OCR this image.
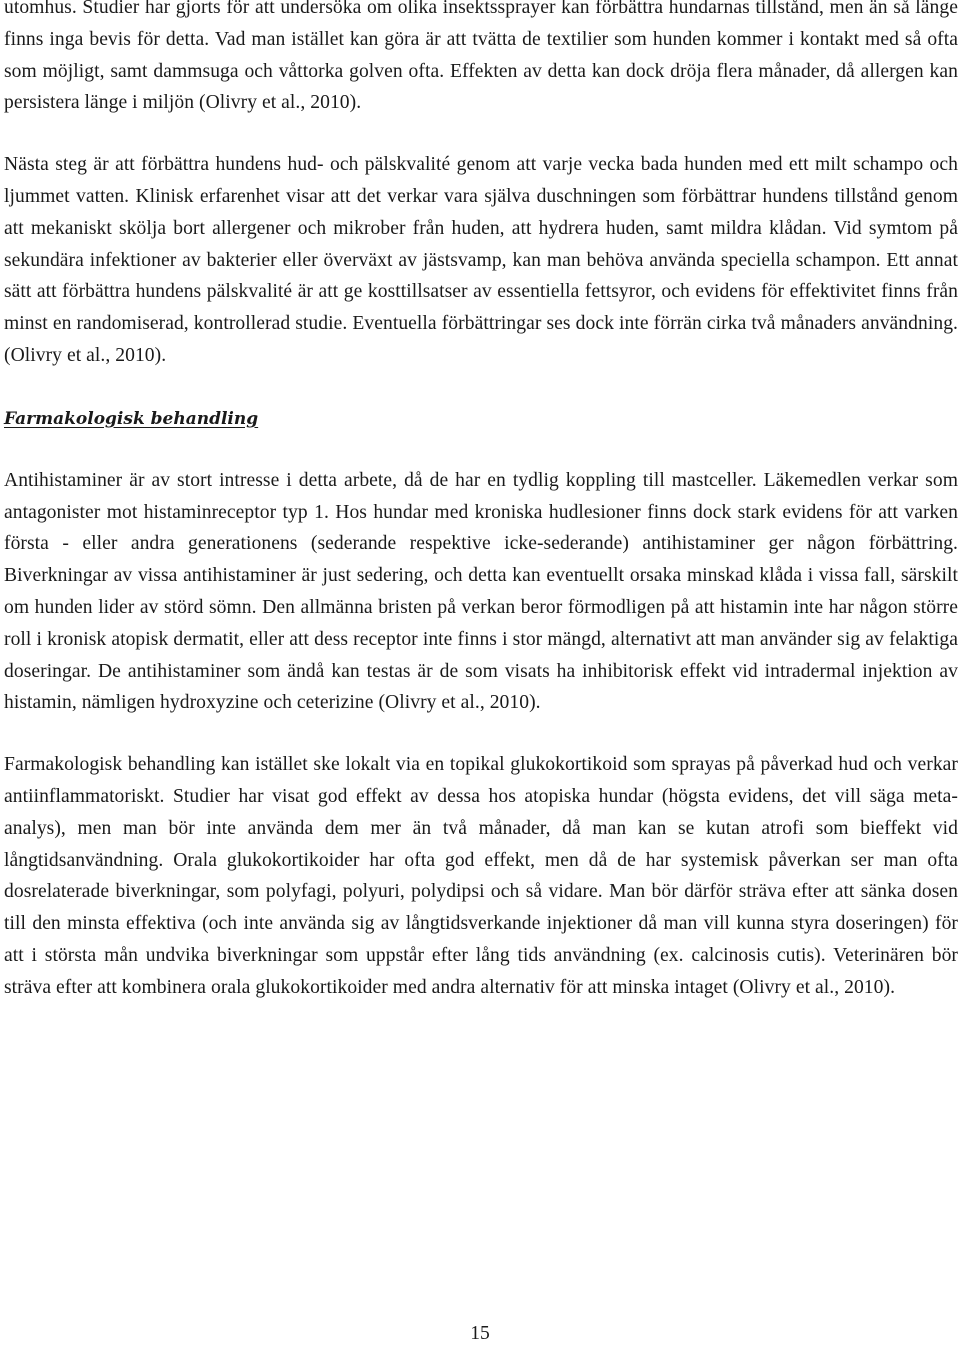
utomhus. Studier har gjorts för att undersöka om olika insektssprayer kan förbättra hundarnas tillstånd, men än så länge finns inga bevis för detta. Vad man istället kan göra är att tvätta de textilier som hunden kommer i kontakt med så ofta som möjligt, samt dammsuga och våttorka golven ofta. Effekten av detta kan dock dröja flera månader, då allergen kan persistera länge i miljön (Olivry et al., 2010).

Nästa steg är att förbättra hundens hud- och pälskvalité genom att varje vecka bada hunden med ett milt schampo och ljummet vatten. Klinisk erfarenhet visar att det verkar vara själva duschningen som förbättrar hundens tillstånd genom att mekaniskt skölja bort allergener och mikrober från huden, att hydrera huden, samt mildra klådan. Vid symtom på sekundära infektioner av bakterier eller överväxt av jästsvamp, kan man behöva använda speciella schampon. Ett annat sätt att förbättra hundens pälskvalité är att ge kosttillsatser av essentiella fettsyror, och evidens för effektivitet finns från minst en randomiserad, kontrollerad studie. Eventuella förbättringar ses dock inte förrän cirka två månaders användning. (Olivry et al., 2010).

Farmakologisk behandling

Antihistaminer är av stort intresse i detta arbete, då de har en tydlig koppling till mastceller. Läkemedlen verkar som antagonister mot histaminreceptor typ 1. Hos hundar med kroniska hudlesioner finns dock stark evidens för att varken första - eller andra generationens (sederande respektive icke-sederande) antihistaminer ger någon förbättring. Biverkningar av vissa antihistaminer är just sedering, och detta kan eventuellt orsaka minskad klåda i vissa fall, särskilt om hunden lider av störd sömn. Den allmänna bristen på verkan beror förmodligen på att histamin inte har någon större roll i kronisk atopisk dermatit, eller att dess receptor inte finns i stor mängd, alternativt att man använder sig av felaktiga doseringar. De antihistaminer som ändå kan testas är de som visats ha inhibitorisk effekt vid intradermal injektion av histamin, nämligen hydroxyzine och ceterizine (Olivry et al., 2010).

Farmakologisk behandling kan istället ske lokalt via en topikal glukokortikoid som sprayas på påverkad hud och verkar antiinflammatoriskt. Studier har visat god effekt av dessa hos atopiska hundar (högsta evidens, det vill säga meta-analys), men man bör inte använda dem mer än två månader, då man kan se kutan atrofi som bieffekt vid långtidsanvändning. Orala glukokortikoider har ofta god effekt, men då de har systemisk påverkan ser man ofta dosrelaterade biverkningar, som polyfagi, polyuri, polydipsi och så vidare. Man bör därför sträva efter att sänka dosen till den minsta effektiva (och inte använda sig av långtidsverkande injektioner då man vill kunna styra doseringen) för att i största mån undvika biverkningar som uppstår efter lång tids användning (ex. calcinosis cutis). Veterinären bör sträva efter att kombinera orala glukokortikoider med andra alternativ för att minska intaget (Olivry et al., 2010).

15
